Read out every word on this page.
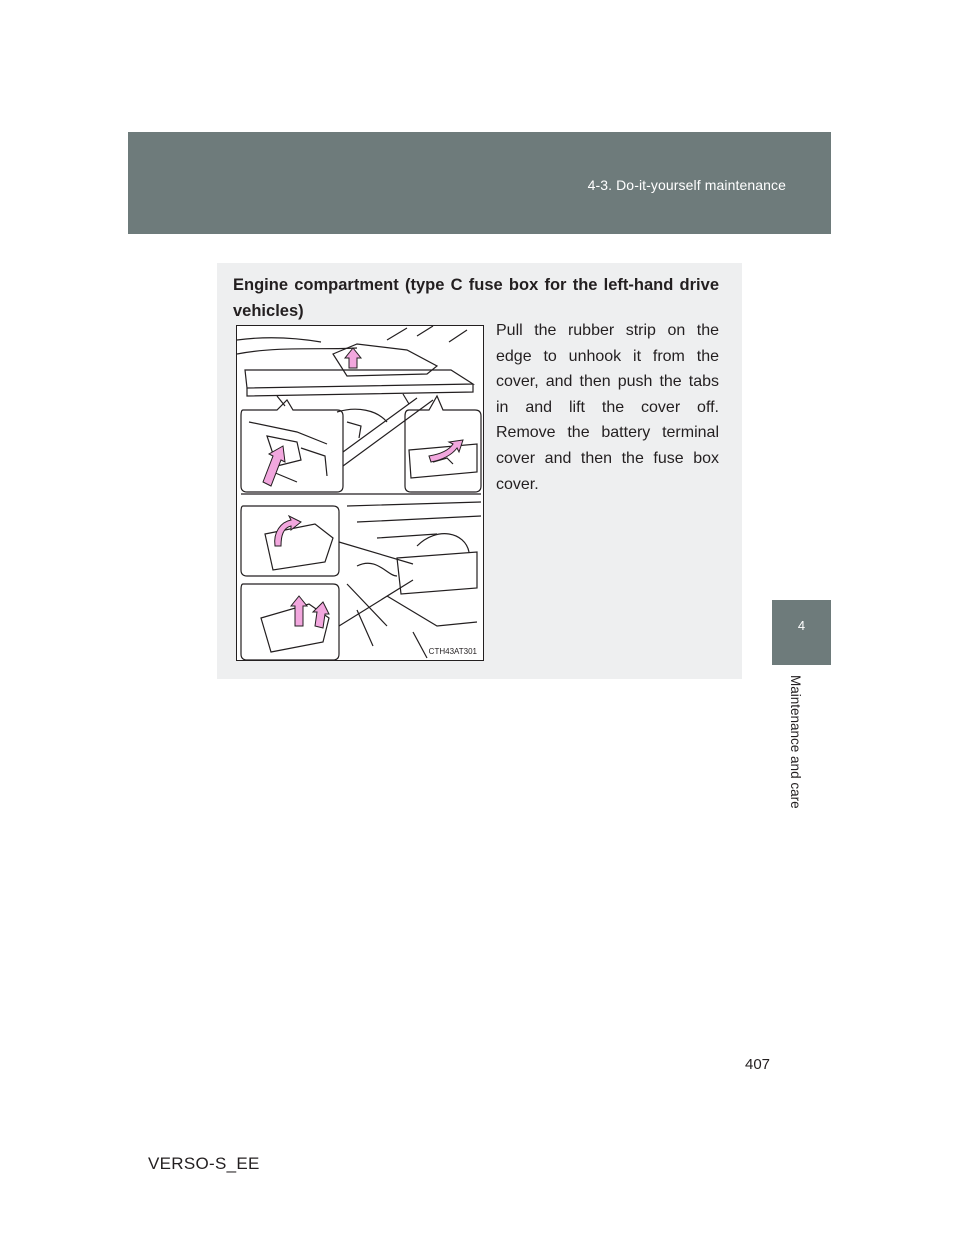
4-3. Do-it-yourself maintenance
4
Maintenance and care
Engine compartment (type C fuse box for the left-hand drive vehicles)
CTH43AT301
Pull the rubber strip on the edge to unhook it from the cover, and then push the tabs in and lift the cover off. Remove the battery terminal cover and then the fuse box cover.
407
VERSO-S_EE
